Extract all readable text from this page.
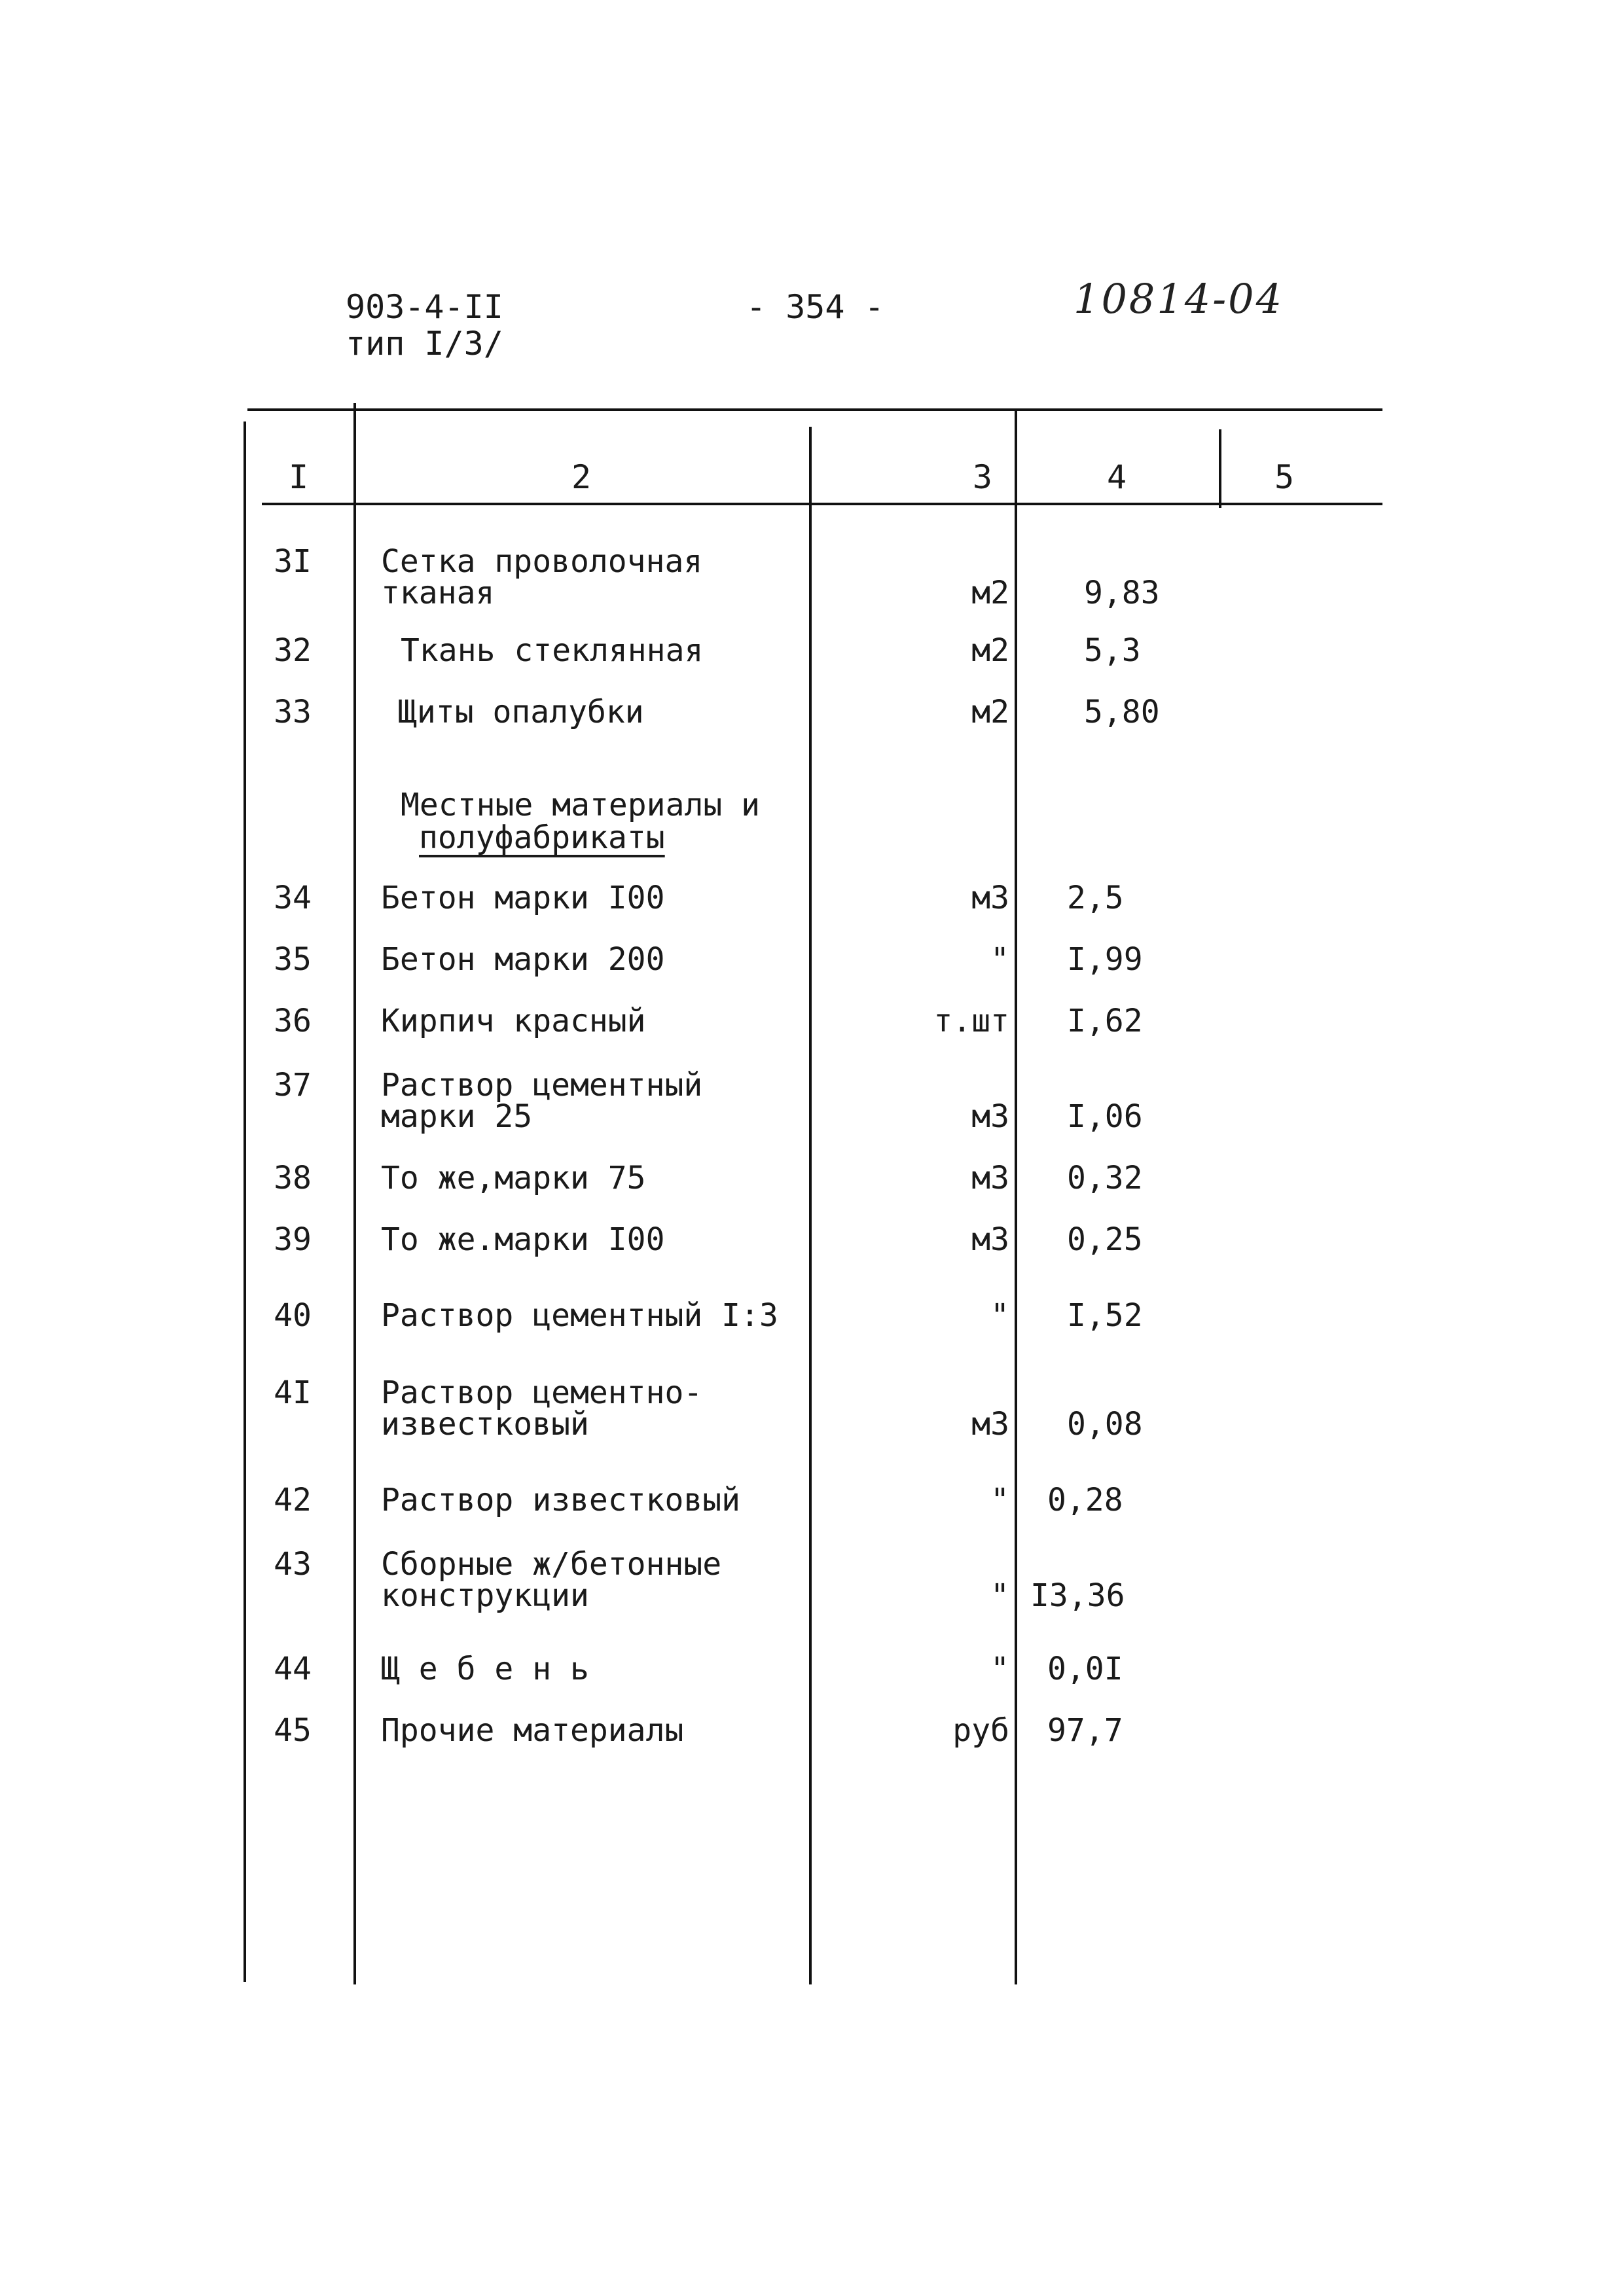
903-4-II
тип I/3/
- 354 -	10814-04
I	2	3	4	5
3I	Сетка проволочная
ткaная	м2 9,83
32	Ткань стеклянная	м2 5,3
33	Щиты опалубки	м2 5,80
Местные материалы и
полуфабрикаты
34	Бетон марки I00	м3 2,5
35	Бетон марки 200	" I,99
36	Кирпич красный	т.шт I,62
37	Раствор цементный
марки 25	м3 I,06
38	То же,марки 75	м3 0,32
39	То же.марки I00	м3 0,25
40	Раствор цементный I:3	" I,52
4I	Раствор цементно-
известковый	м3 0,08
42	Раствор известковый	" 0,28
43	Сбoрные ж/бетонные
конструкции	" I3,36
44	Щ е б е н ь	" 0,0I
45	Прочие материалы	руб 97,7
